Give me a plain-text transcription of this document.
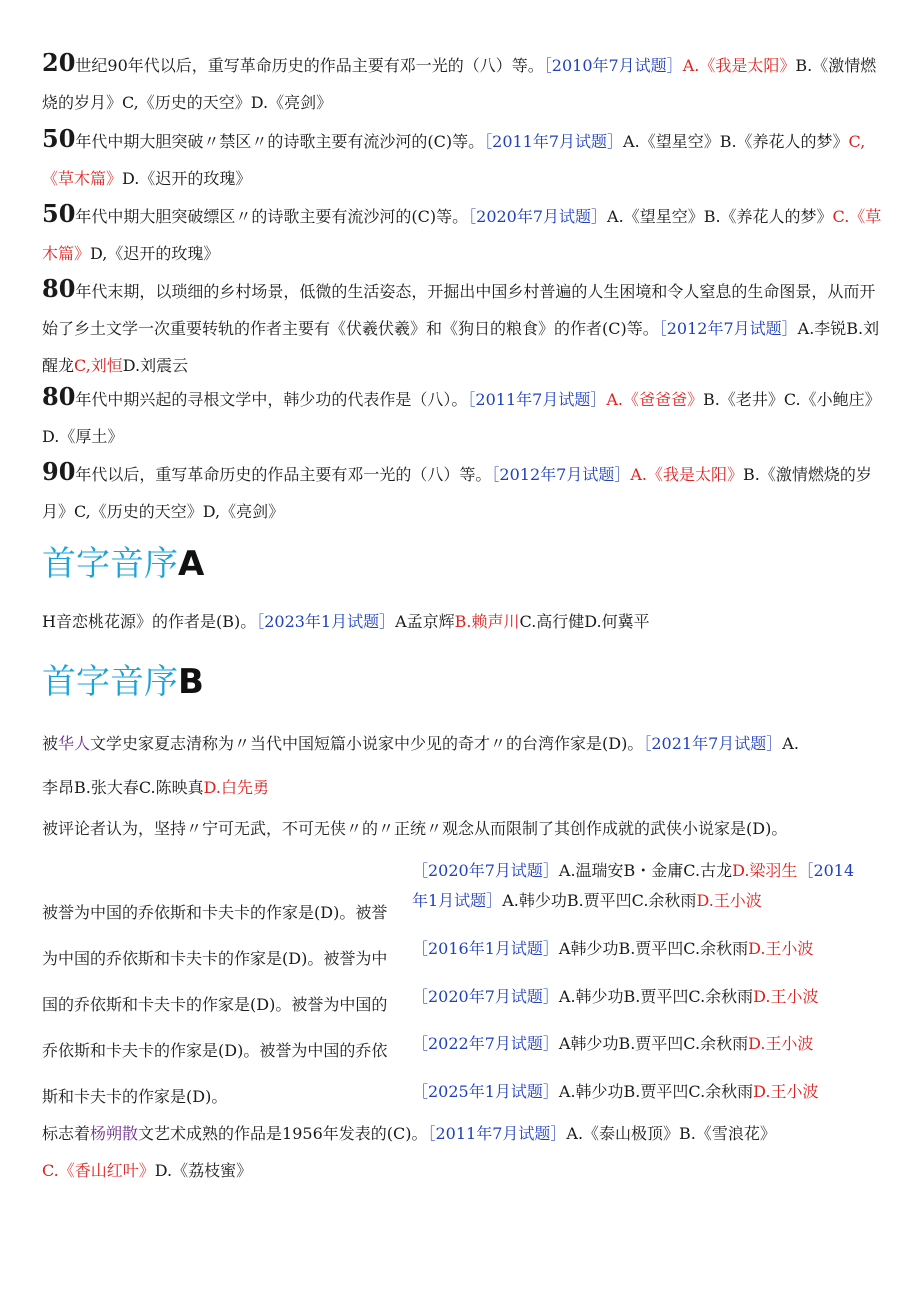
20世纪90年代以后，重写革命历史的作品主要有邓一光的（八）等。［2010年7月试题］A.《我是太阳》B.《激情燃烧的岁月》C,《历史的天空》D.《亮剑》
50年代中期大胆突破〃禁区〃的诗歌主要有流沙河的(C)等。［2011年7月试题］A.《望星空》B.《养花人的梦》C,《草木篇》D.《迟开的玫瑰》
50年代中期大胆突破缥区〃的诗歌主要有流沙河的(C)等。［2020年7月试题］A.《望星空》B.《养花人的梦》C.《草木篇》D,《迟开的玫瑰》
80年代末期，以琐细的乡村场景，低微的生活姿态，开掘出中国乡村普遍的人生困境和令人窒息的生命图景，从而开始了乡土文学一次重要转轨的作者主要有《伏羲伏羲》和《狗日的粮食》的作者(C)等。［2012年7月试题］A.李锐B.刘醒龙C,刘恒D.刘震云
80年代中期兴起的寻根文学中，韩少功的代表作是（八）。［2011年7月试题］A.《爸爸爸》B.《老井》C.《小鲍庄》D.《厚土》
90年代以后，重写革命历史的作品主要有邓一光的（八）等。［2012年7月试题］A.《我是太阳》B.《激情燃烧的岁月》C,《历史的天空》D,《亮剑》
首字音序A
H音恋桃花源》的作者是(B)。［2023年1月试题］A孟京辉B.赖声川C.高行健D.何冀平
首字音序B
被华人文学史家夏志清称为〃当代中国短篇小说家中少见的奇才〃的台湾作家是(D)。［2021年7月试题］A.李昂B.张大春C.陈映真D.白先勇
被评论者认为，坚持〃宁可无武，不可无侠〃的〃正统〃观念从而限制了其创作成就的武侠小说家是(D)。
被誉为中国的乔依斯和卡夫卡的作家是(D)。被誉为中国的乔依斯和卡夫卡的作家是(D)。被誉为中国的乔依斯和卡夫卡的作家是(D)。被誉为中国的乔依斯和卡夫卡的作家是(D)。被誉为中国的乔依斯和卡夫卡的作家是(D)。
［2020年7月试题］A.温瑞安B・金庸C.古龙D.梁羽生［2014
年1月试题］A.韩少功B.贾平凹C.余秋雨D.王小波
［2016年1月试题］A韩少功B.贾平凹C.余秋雨D.王小波
［2020年7月试题］A.韩少功B.贾平凹C.余秋雨D.王小波
［2022年7月试题］A韩少功B.贾平凹C.余秋雨D.王小波
［2025年1月试题］A.韩少功B.贾平凹C.余秋雨D.王小波
标志着杨朔散文艺术成熟的作品是1956年发表的(C)。［2011年7月试题］A.《泰山极顶》B.《雪浪花》C.《香山红叶》D.《荔枝蜜》
